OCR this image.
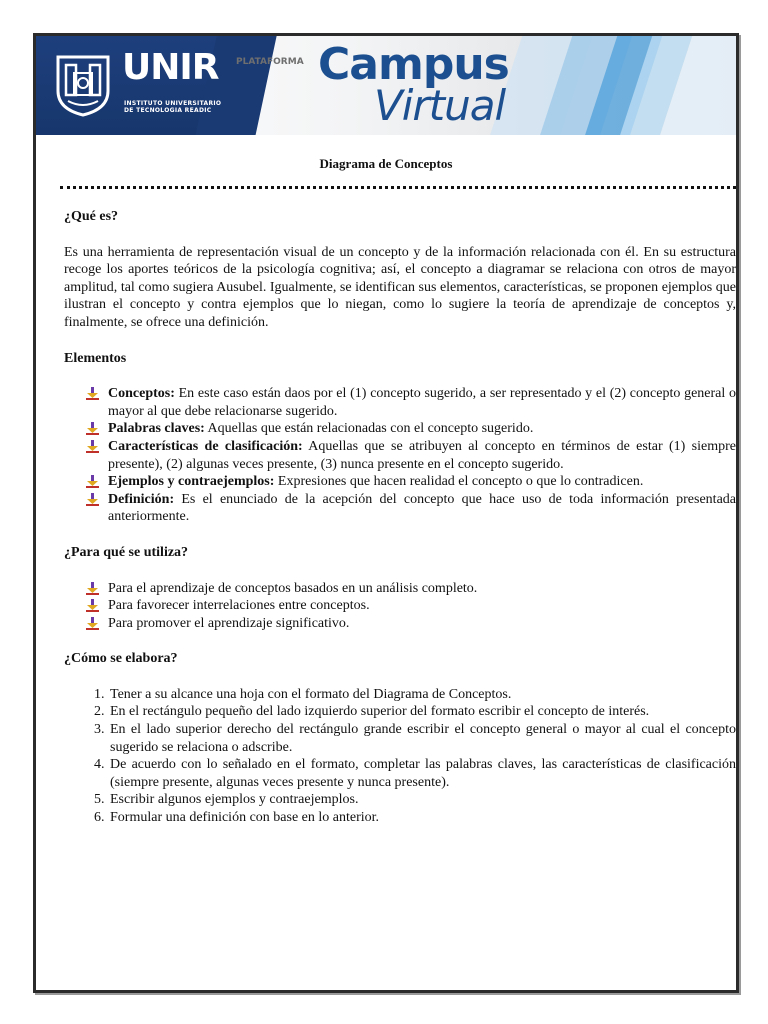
UNIR
INSTITUTO UNIVERSITARIO
DE TECNOLOGIA READIC
PLATAFORMA Campus
Virtual
Diagrama de Conceptos
¿Qué es?

Es una herramienta de representación visual de un concepto y de la información relacionada con él. En su estructura recoge los aportes teóricos de la psicología cognitiva; así, el concepto a diagramar se relaciona con otros de mayor amplitud, tal como sugiera Ausubel. Igualmente, se identifican sus elementos, características, se proponen ejemplos que ilustran el concepto y contra ejemplos que lo niegan, como lo sugiere la teoría de aprendizaje de conceptos y, finalmente, se ofrece una definición.

Elementos
Conceptos: En este caso están daos por el (1) concepto sugerido, a ser representado y el (2) concepto general o mayor al que debe relacionarse sugerido.
Palabras claves: Aquellas que están relacionadas con el concepto sugerido.
Características de clasificación: Aquellas que se atribuyen al concepto en términos de estar (1) siempre presente), (2) algunas veces presente, (3) nunca presente en el concepto sugerido.
Ejemplos y contraejemplos: Expresiones que hacen realidad el concepto o que lo contradicen.
Definición: Es el enunciado de la acepción del concepto que hace uso de toda información presentada anteriormente.
¿Para qué se utiliza?
Para el aprendizaje de conceptos basados en un análisis completo.
Para favorecer interrelaciones entre conceptos.
Para promover el aprendizaje significativo.
¿Cómo se elabora?
1. Tener a su alcance una hoja con el formato del Diagrama de Conceptos.
2. En el rectángulo pequeño del lado izquierdo superior del formato escribir el concepto de interés.
3. En el lado superior derecho del rectángulo grande escribir el concepto general o mayor al cual el concepto sugerido se relaciona o adscribe.
4. De acuerdo con lo señalado en el formato, completar las palabras claves, las características de clasificación (siempre presente, algunas veces presente y nunca presente).
5. Escribir algunos ejemplos y contraejemplos.
6. Formular una definición con base en lo anterior.
